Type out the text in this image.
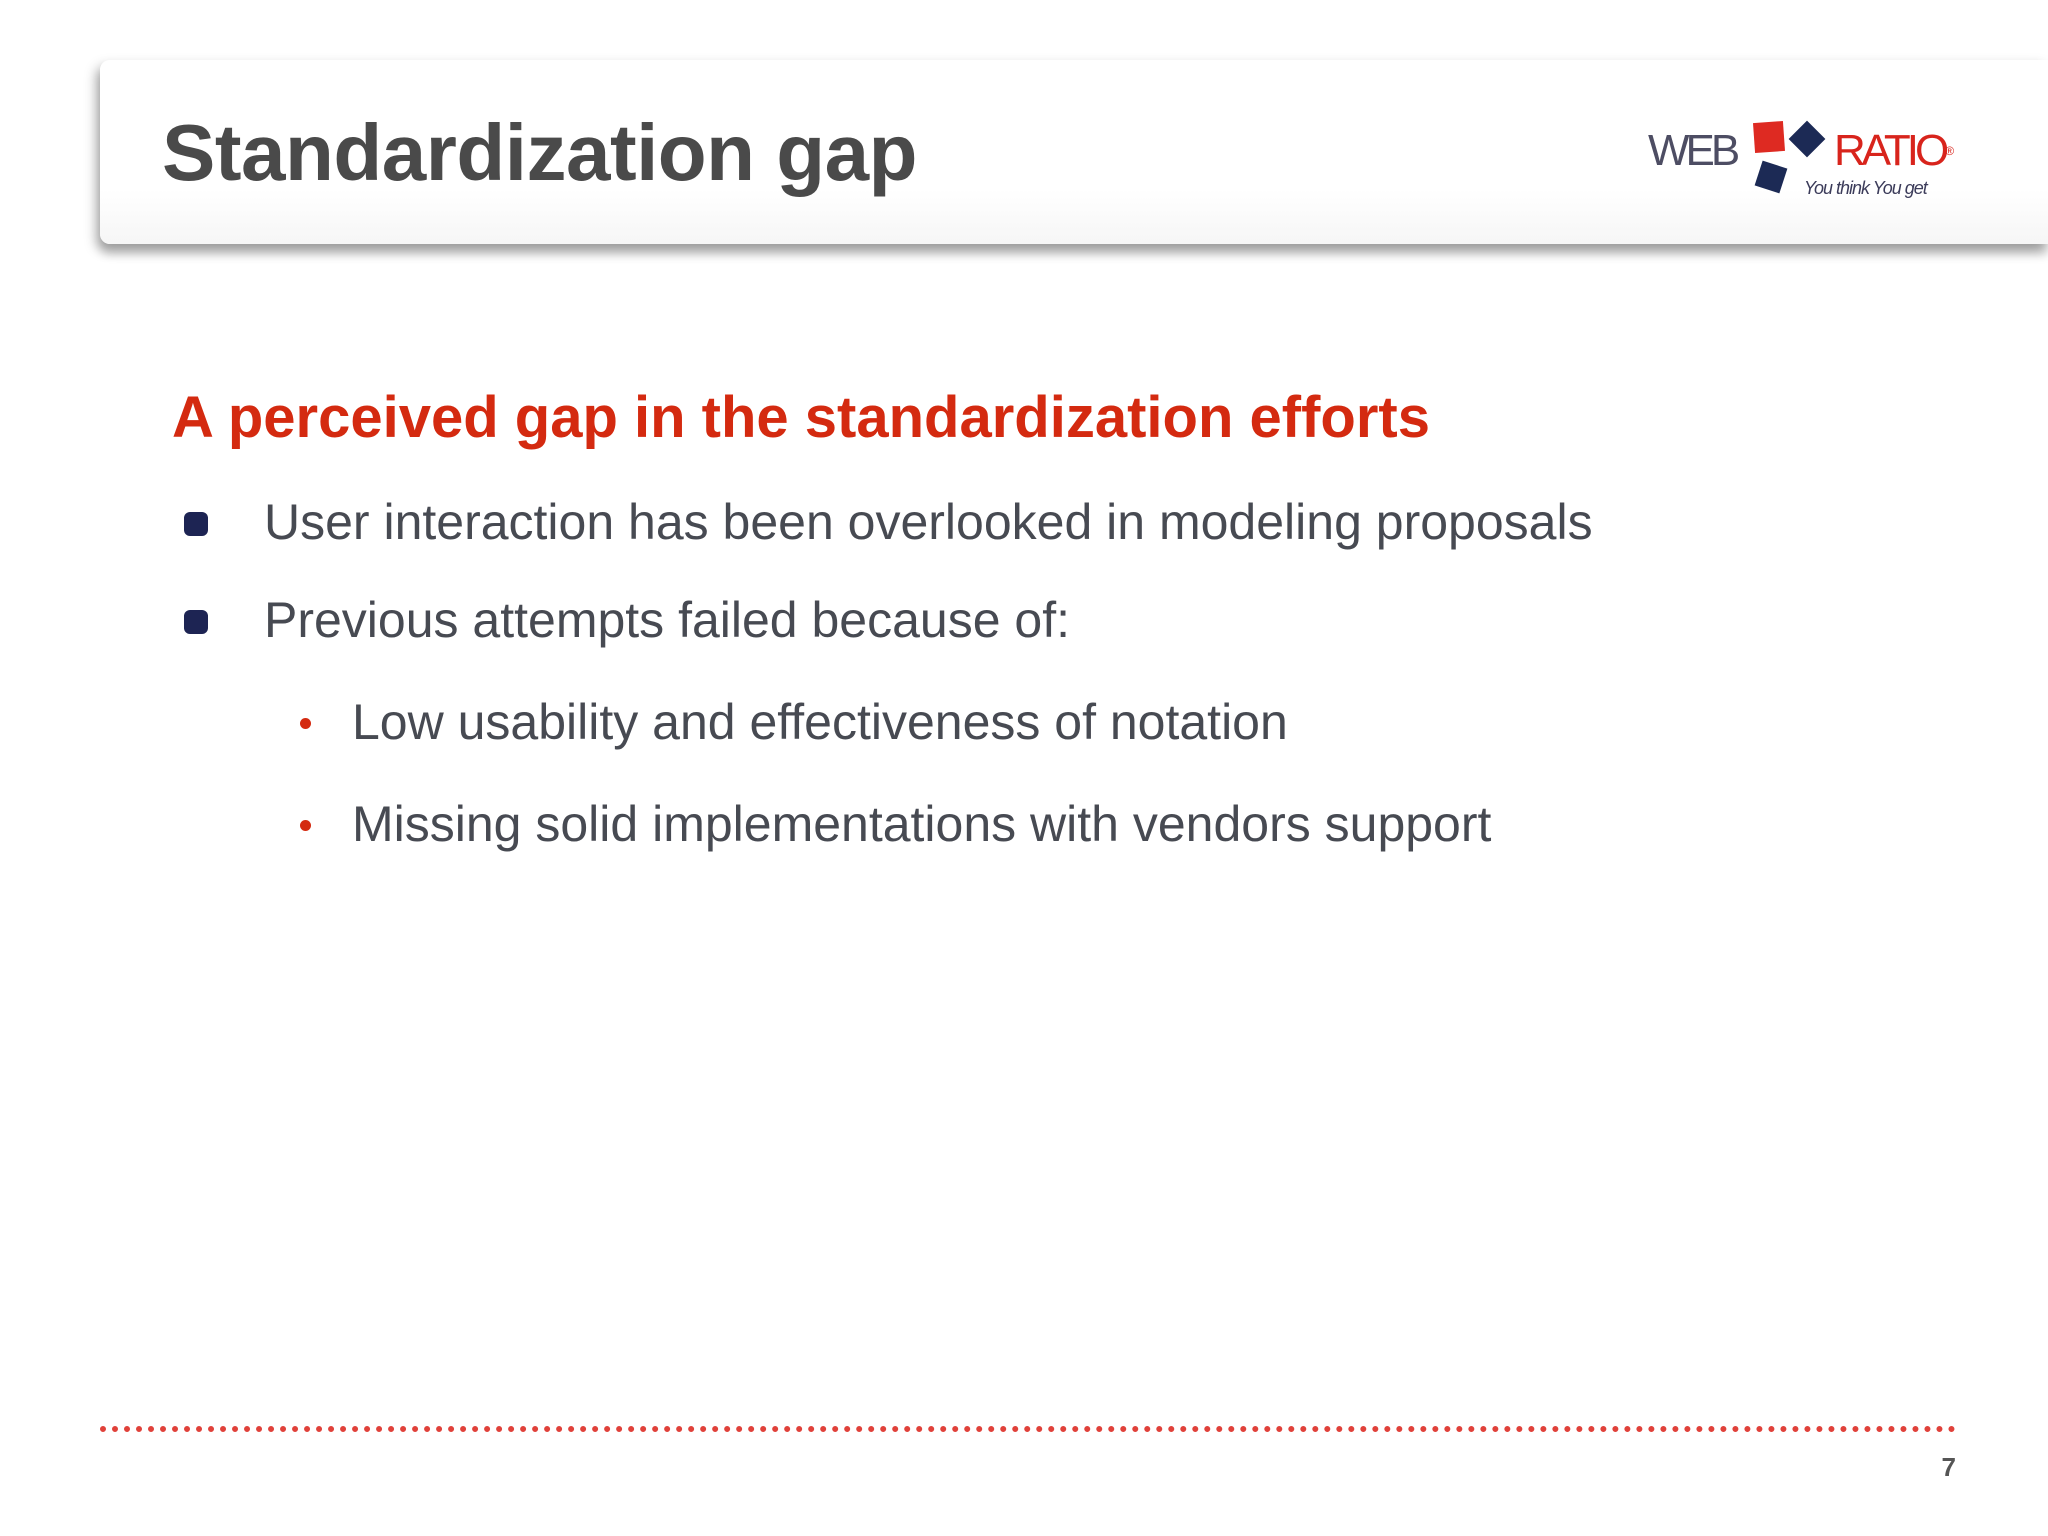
Standardization gap	WEB RATIO®
You think You get
A perceived gap in the standardization efforts
User interaction has been overlooked in modeling proposals
Previous attempts failed because of:
Low usability and effectiveness of notation
Missing solid implementations with vendors support
7
